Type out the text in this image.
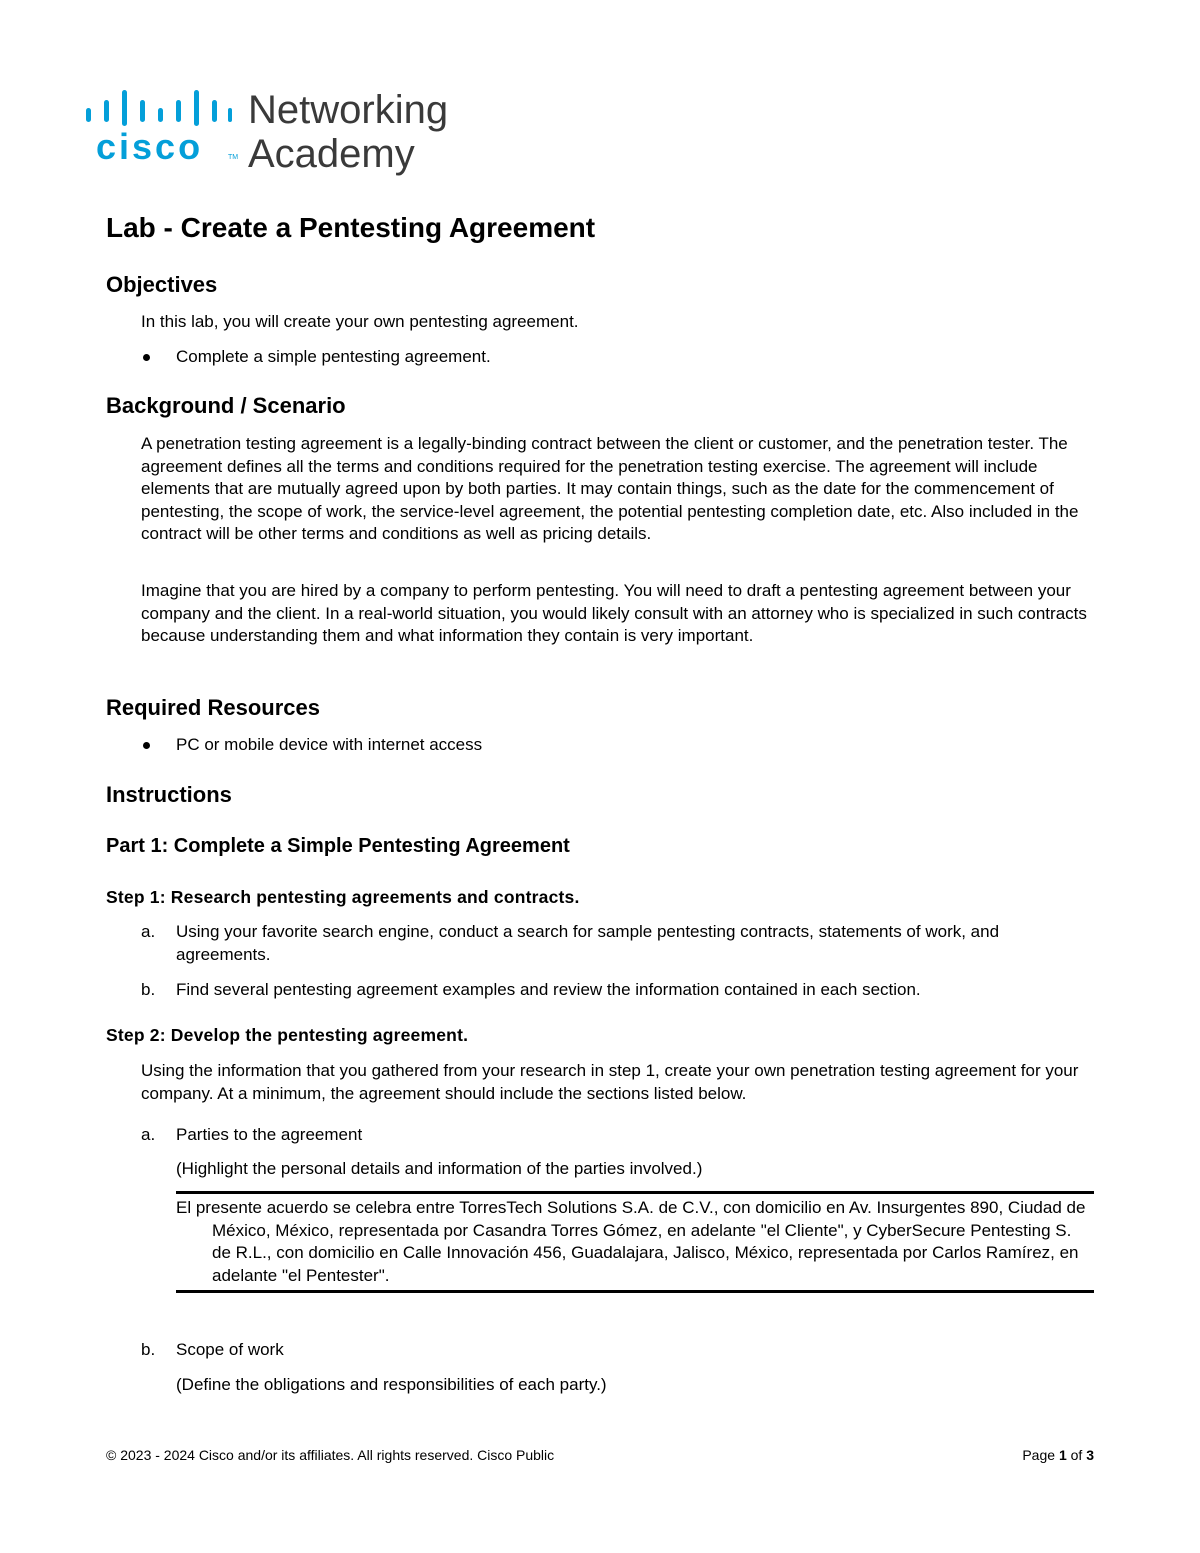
cisco	TM
Networking
Academy
Lab - Create a Pentesting Agreement
Objectives

In this lab, you will create your own pentesting agreement.

Complete a simple pentesting agreement.
Background / Scenario

A penetration testing agreement is a legally-binding contract between the client or customer, and the penetration tester. The agreement defines all the terms and conditions required for the penetration testing exercise. The agreement will include elements that are mutually agreed upon by both parties. It may contain things, such as the date for the commencement of pentesting, the scope of work, the service-level agreement, the potential pentesting completion date, etc. Also included in the contract will be other terms and conditions as well as pricing details.

Imagine that you are hired by a company to perform pentesting. You will need to draft a pentesting agreement between your company and the client. In a real-world situation, you would likely consult with an attorney who is specialized in such contracts because understanding them and what information they contain is very important.

Required Resources
PC or mobile device with internet access
Instructions
Part 1: Complete a Simple Pentesting Agreement
Step 1: Research pentesting agreements and contracts.
a. Using your favorite search engine, conduct a search for sample pentesting contracts, statements of work, and agreements.
b. Find several pentesting agreement examples and review the information contained in each section.
Step 2: Develop the pentesting agreement.

Using the information that you gathered from your research in step 1, create your own penetration testing agreement for your company. At a minimum, the agreement should include the sections listed below.

a. Parties to the agreement
(Highlight the personal details and information of the parties involved.)
El presente acuerdo se celebra entre TorresTech Solutions S.A. de C.V., con domicilio en Av. Insurgentes 890, Ciudad de México, México, representada por Casandra Torres Gómez, en adelante "el Cliente", y CyberSecure Pentesting S. de R.L., con domicilio en Calle Innovación 456, Guadalajara, Jalisco, México, representada por Carlos Ramírez, en adelante "el Pentester".
b. Scope of work
(Define the obligations and responsibilities of each party.)
© 2023 - 2024 Cisco and/or its affiliates. All rights reserved. Cisco Public	Page 1 of 3
